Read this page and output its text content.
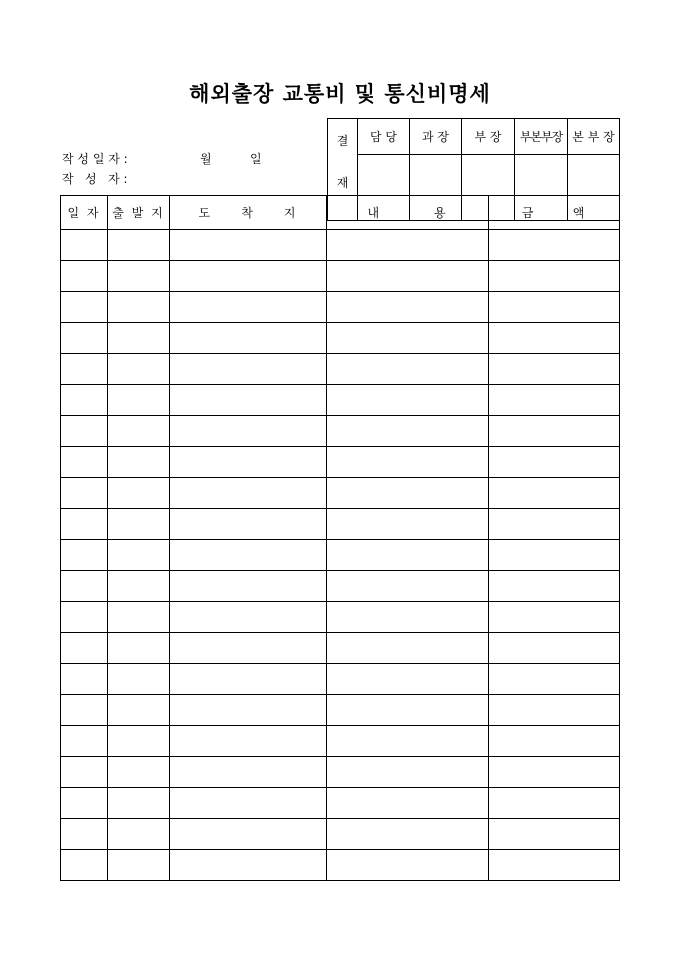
해외출장 교통비 및 통신비명세
작 성 일 자 :	월	일
작   성   자 :
결	담 당	과 장	부 장	부본부장	본 부 장
재					
일 자	출 발 지	도 착 지	내 용	금 액
